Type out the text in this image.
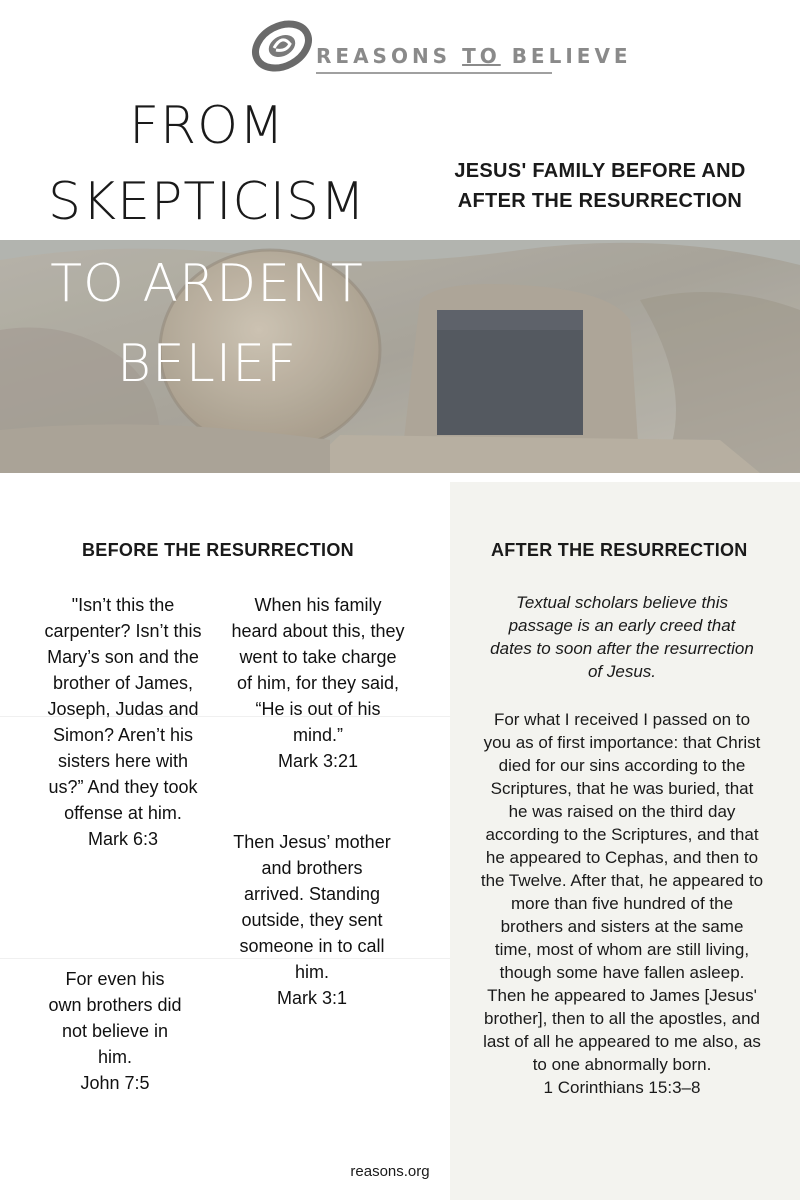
REASONS TO BELIEVE
FROM
SKEPTICISM
TO ARDENT
BELIEF
JESUS' FAMILY BEFORE AND
AFTER THE RESURRECTION
BEFORE THE RESURRECTION	AFTER THE RESURRECTION
"Isn’t this the carpenter? Isn’t this Mary’s son and the brother of James, Joseph, Judas and Simon? Aren’t his sisters here with us?” And they took offense at him.
Mark 6:3
When his family heard about this, they went to take charge of him, for they said, “He is out of his mind.”
Mark 3:21
Then Jesus’ mother and brothers arrived. Standing outside, they sent someone in to call him.
Mark 3:1
For even his own brothers did not believe in him.
John 7:5
Textual scholars believe this passage is an early creed that dates to soon after the resurrection of Jesus.
For what I received I passed on to you as of first importance: that Christ died for our sins according to the Scriptures, that he was buried, that he was raised on the third day according to the Scriptures, and that he appeared to Cephas, and then to the Twelve. After that, he appeared to more than five hundred of the brothers and sisters at the same time, most of whom are still living, though some have fallen asleep. Then he appeared to James [Jesus' brother], then to all the apostles, and last of all he appeared to me also, as to one abnormally born.
1 Corinthians 15:3–8
reasons.org
